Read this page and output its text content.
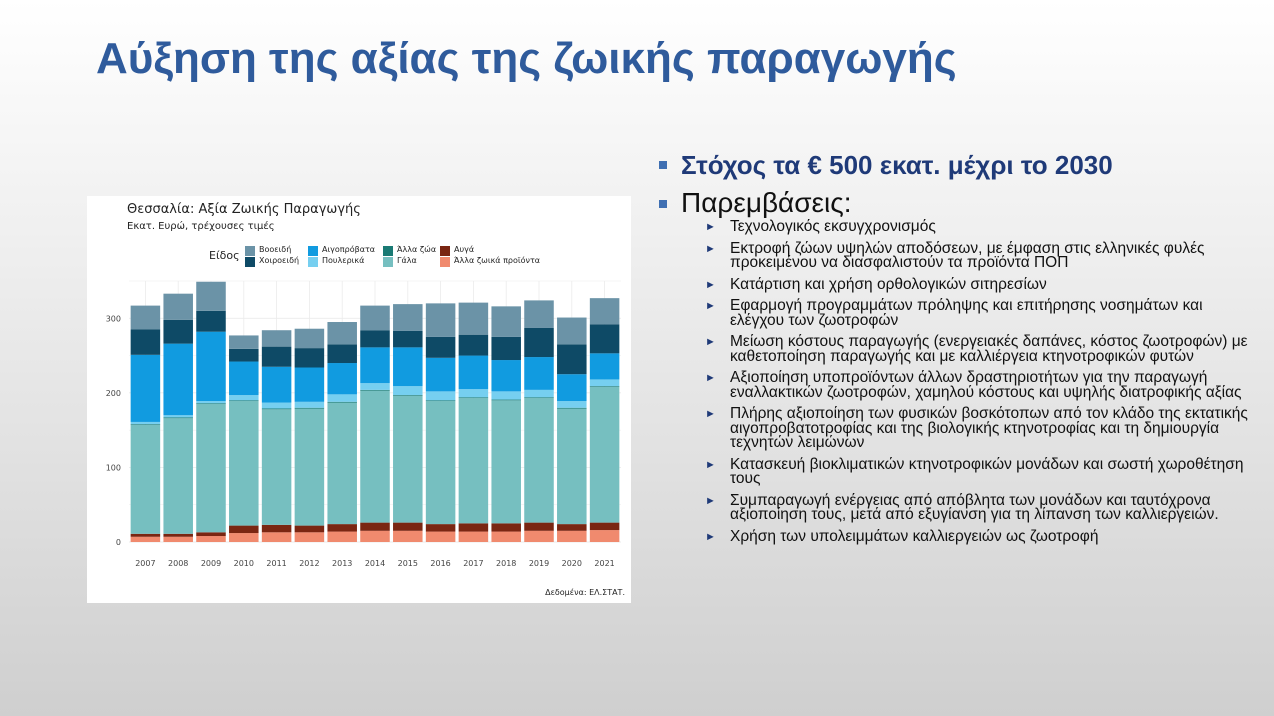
Αύξηση της αξίας της ζωικής παραγωγής
0
100
200
300
2007 2008 2009 2010 2011 2012 2013 2014 2015 2016 2017 2018 2019 2020 2021
Θεσσαλία: Αξία Ζωικής Παραγωγής
Εκατ. Ευρώ, τρέχουσες τιμές
Είδος Βοοειδή
Χοιροειδή
Αιγοπρόβατα
Πουλερικά
Άλλα ζώα
Γάλα
Αυγά
Άλλα ζωικά προϊόντα
Δεδομένα: ΕΛ.ΣΤΑΤ.
Στόχος τα € 500 εκατ. μέχρι το 2030
Παρεμβάσεις:
► Τεχνολογικός εκσυγχρονισμός
► Εκτροφή ζώων υψηλών αποδόσεων, με έμφαση στις ελληνικές φυλές προκειμένου να διασφαλιστούν τα προϊόντα ΠΟΠ
► Κατάρτιση και χρήση ορθολογικών σιτηρεσίων
► Εφαρμογή προγραμμάτων πρόληψης και επιτήρησης νοσημάτων και ελέγχου των ζωοτροφών
► Μείωση κόστους παραγωγής (ενεργειακές δαπάνες, κόστος ζωοτροφών) με καθετοποίηση παραγωγής και με καλλιέργεια κτηνοτροφικών φυτών
► Αξιοποίηση υποπροϊόντων άλλων δραστηριοτήτων για την παραγωγή εναλλακτικών ζωοτροφών, χαμηλού κόστους και υψηλής διατροφικής αξίας
► Πλήρης αξιοποίηση των φυσικών βοσκότοπων από τον κλάδο της εκτατικής αιγοπροβατοτροφίας και της βιολογικής κτηνοτροφίας και τη δημιουργία τεχνητών λειμώνων
► Κατασκευή βιοκλιματικών κτηνοτροφικών μονάδων και σωστή χωροθέτηση τους
► Συμπαραγωγή ενέργειας από απόβλητα των μονάδων και ταυτόχρονα αξιοποίηση τους, μετά από εξυγίανση για τη λίπανση των καλλιεργειών.
► Χρήση των υπολειμμάτων καλλιεργειών ως ζωοτροφή
